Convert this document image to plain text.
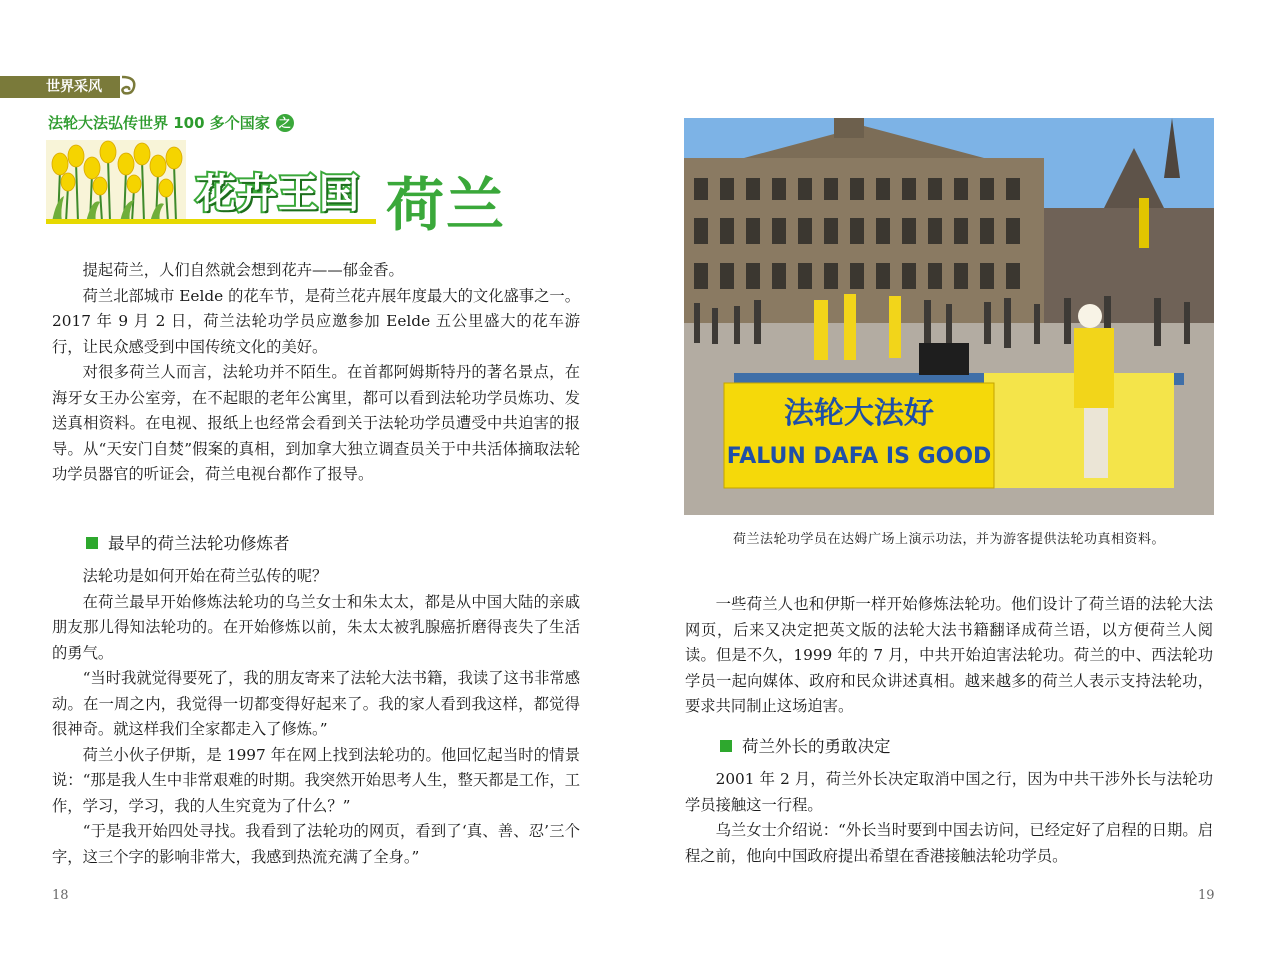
世界采风
法轮大法弘传世界 100 多个国家 之
花卉王国 荷兰

提起荷兰，人们自然就会想到花卉——郁金香。

荷兰北部城市 Eelde 的花车节，是荷兰花卉展年度最大的文化盛事之一。2017 年 9 月 2 日，荷兰法轮功学员应邀参加 Eelde 五公里盛大的花车游行，让民众感受到中国传统文化的美好。

对很多荷兰人而言，法轮功并不陌生。在首都阿姆斯特丹的著名景点，在海牙女王办公室旁，在不起眼的老年公寓里，都可以看到法轮功学员炼功、发送真相资料。在电视、报纸上也经常会看到关于法轮功学员遭受中共迫害的报导。从“天安门自焚”假案的真相，到加拿大独立调查员关于中共活体摘取法轮功学员器官的听证会，荷兰电视台都作了报导。

最早的荷兰法轮功修炼者

法轮功是如何开始在荷兰弘传的呢？

在荷兰最早开始修炼法轮功的乌兰女士和朱太太，都是从中国大陆的亲戚朋友那儿得知法轮功的。在开始修炼以前，朱太太被乳腺癌折磨得丧失了生活的勇气。

“当时我就觉得要死了，我的朋友寄来了法轮大法书籍，我读了这书非常感动。在一周之内，我觉得一切都变得好起来了。我的家人看到我这样，都觉得很神奇。就这样我们全家都走入了修炼。”

荷兰小伙子伊斯，是 1997 年在网上找到法轮功的。他回忆起当时的情景说：“那是我人生中非常艰难的时期。我突然开始思考人生，整天都是工作，工作，学习，学习，我的人生究竟为了什么？”

“于是我开始四处寻找。我看到了法轮功的网页，看到了‘真、善、忍’三个字，这三个字的影响非常大，我感到热流充满了全身。”

18
法轮大法好
FALUN DAFA IS GOOD
荷兰法轮功学员在达姆广场上演示功法，并为游客提供法轮功真相资料。

一些荷兰人也和伊斯一样开始修炼法轮功。他们设计了荷兰语的法轮大法网页，后来又决定把英文版的法轮大法书籍翻译成荷兰语，以方便荷兰人阅读。但是不久，1999 年的 7 月，中共开始迫害法轮功。荷兰的中、西法轮功学员一起向媒体、政府和民众讲述真相。越来越多的荷兰人表示支持法轮功，要求共同制止这场迫害。

荷兰外长的勇敢决定

2001 年 2 月，荷兰外长决定取消中国之行，因为中共干涉外长与法轮功学员接触这一行程。

乌兰女士介绍说：“外长当时要到中国去访问，已经定好了启程的日期。启程之前，他向中国政府提出希望在香港接触法轮功学员。

19
